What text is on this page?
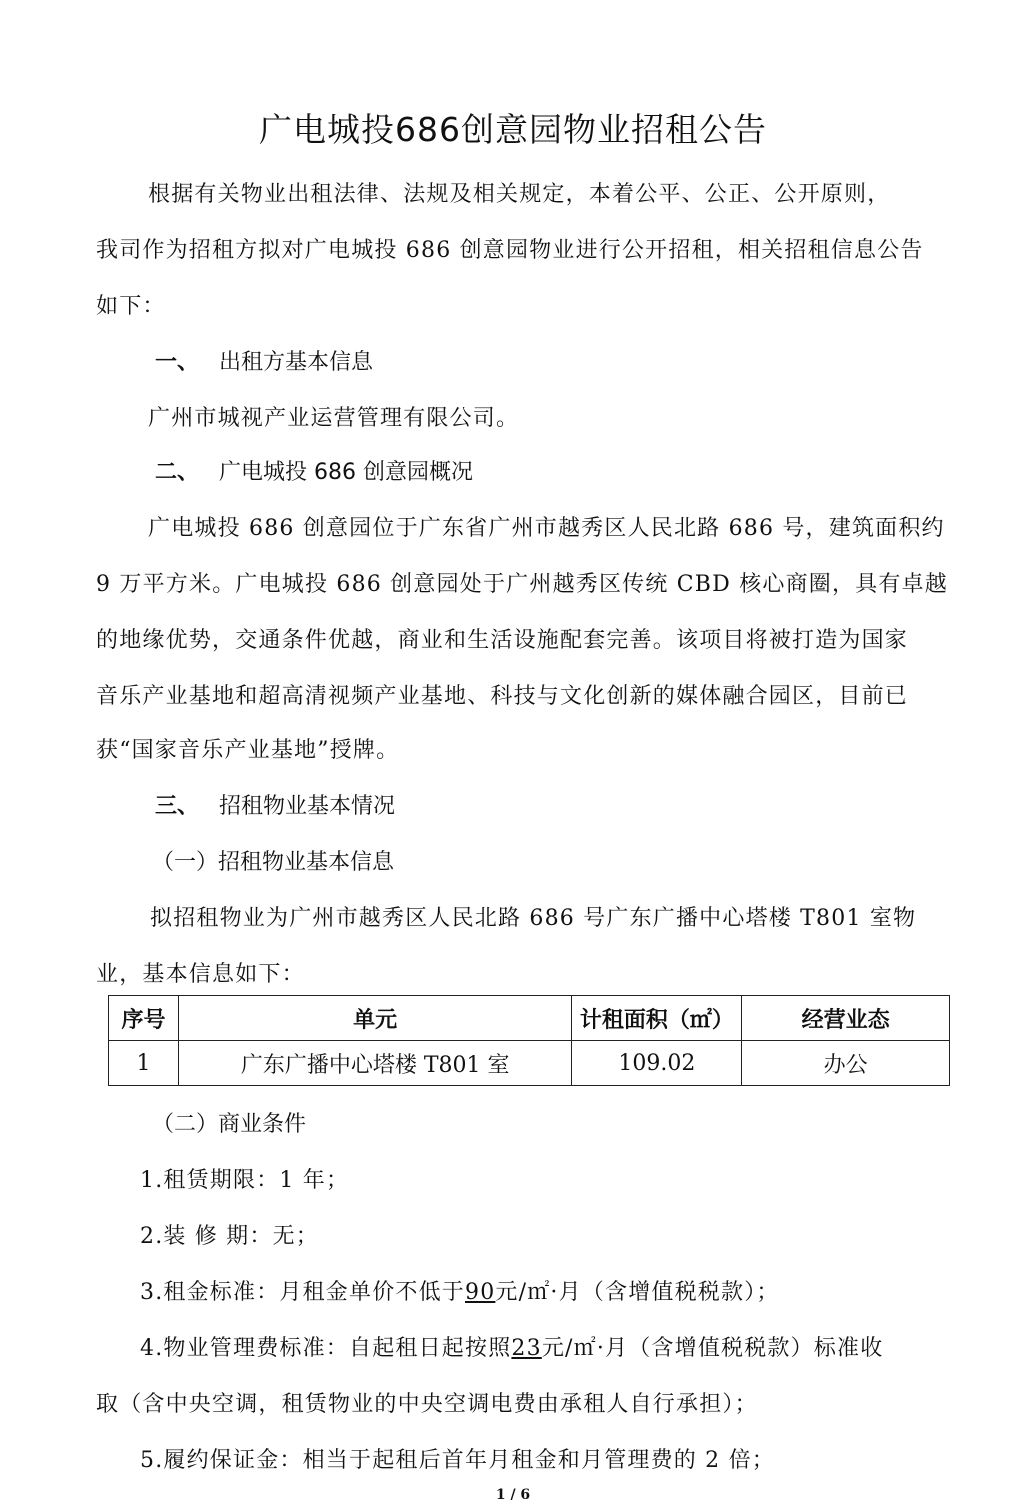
广电城投686创意园物业招租公告
根据有关物业出租法律、法规及相关规定，本着公平、公正、公开原则，
我司作为招租方拟对广电城投 686 创意园物业进行公开招租，相关招租信息公告
如下：
一、 出租方基本信息
广州市城视产业运营管理有限公司。
二、 广电城投 686 创意园概况
广电城投 686 创意园位于广东省广州市越秀区人民北路 686 号，建筑面积约
9 万平方米。广电城投 686 创意园处于广州越秀区传统 CBD 核心商圈，具有卓越
的地缘优势，交通条件优越，商业和生活设施配套完善。该项目将被打造为国家
音乐产业基地和超高清视频产业基地、科技与文化创新的媒体融合园区，目前已
获“国家音乐产业基地”授牌。
三、 招租物业基本情况
（一）招租物业基本信息
拟招租物业为广州市越秀区人民北路 686 号广东广播中心塔楼 T801 室物
业，基本信息如下：
序号	单元	计租面积（㎡）	经营业态
1	广东广播中心塔楼 T801 室	109.02	办公
（二）商业条件
1.租赁期限：1 年；
2.装 修 期：无；
3.租金标准：月租金单价不低于90元/㎡·月（含增值税税款）；
4.物业管理费标准：自起租日起按照23元/㎡·月（含增值税税款）标准收
取（含中央空调，租赁物业的中央空调电费由承租人自行承担）；
5.履约保证金：相当于起租后首年月租金和月管理费的 2 倍；
1 / 6
